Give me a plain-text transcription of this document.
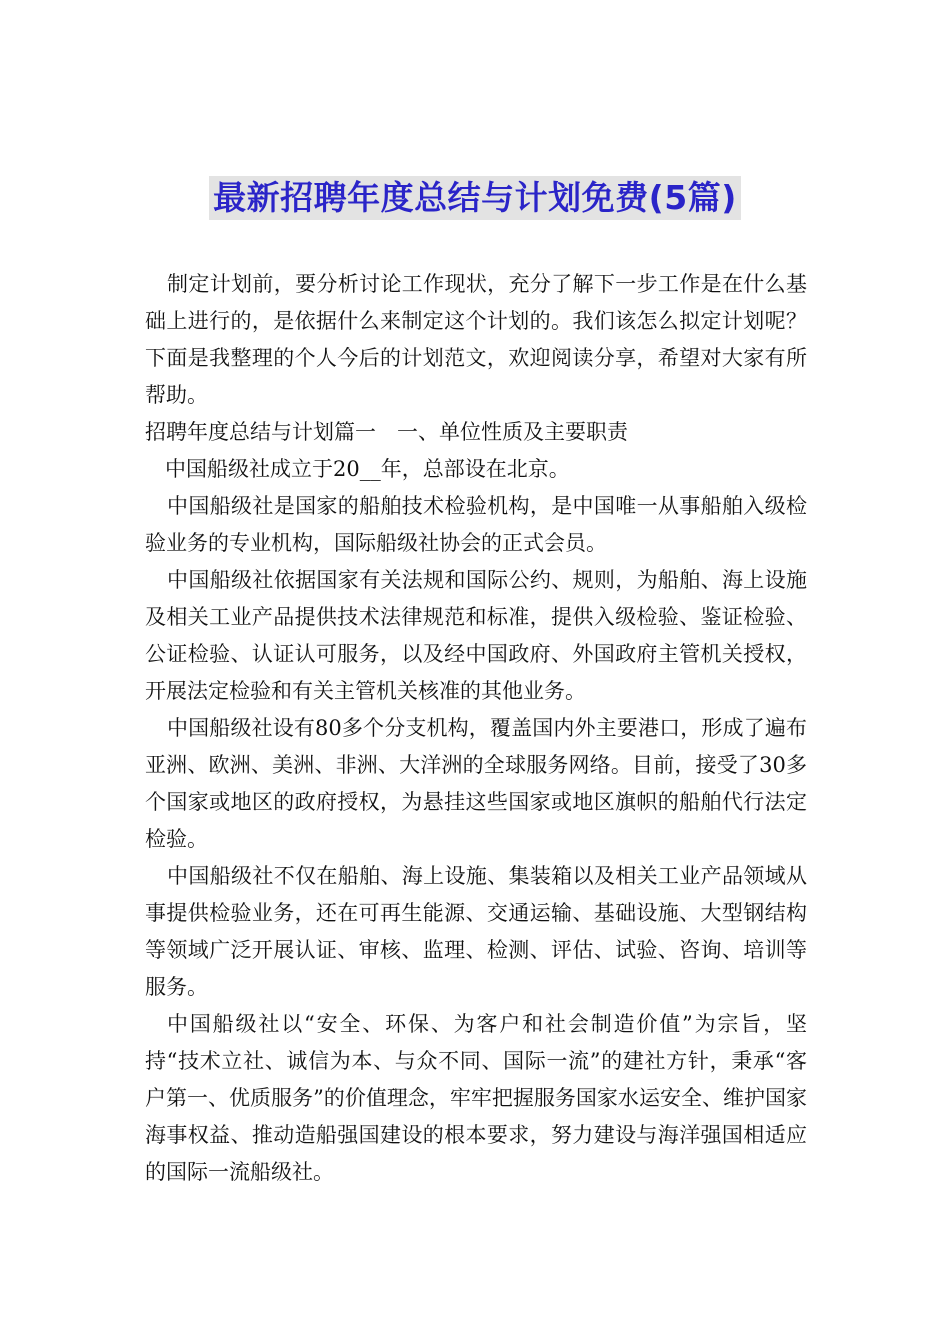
最新招聘年度总结与计划免费(5篇)

制定计划前，要分析讨论工作现状，充分了解下一步工作是在什么基础上进行的，是依据什么来制定这个计划的。我们该怎么拟定计划呢？下面是我整理的个人今后的计划范文，欢迎阅读分享，希望对大家有所帮助。

招聘年度总结与计划篇一　一、单位性质及主要职责

中国船级社成立于20__年，总部设在北京。

中国船级社是国家的船舶技术检验机构，是中国唯一从事船舶入级检验业务的专业机构，国际船级社协会的正式会员。

中国船级社依据国家有关法规和国际公约、规则，为船舶、海上设施及相关工业产品提供技术法律规范和标准，提供入级检验、鉴证检验、公证检验、认证认可服务，以及经中国政府、外国政府主管机关授权，开展法定检验和有关主管机关核准的其他业务。

中国船级社设有80多个分支机构，覆盖国内外主要港口，形成了遍布亚洲、欧洲、美洲、非洲、大洋洲的全球服务网络。目前，接受了30多个国家或地区的政府授权，为悬挂这些国家或地区旗帜的船舶代行法定检验。

中国船级社不仅在船舶、海上设施、集装箱以及相关工业产品领域从事提供检验业务，还在可再生能源、交通运输、基础设施、大型钢结构等领域广泛开展认证、审核、监理、检测、评估、试验、咨询、培训等服务。

中国船级社以“安全、环保、为客户和社会制造价值”为宗旨，坚持“技术立社、诚信为本、与众不同、国际一流”的建社方针，秉承“客户第一、优质服务”的价值理念，牢牢把握服务国家水运安全、维护国家海事权益、推动造船强国建设的根本要求，努力建设与海洋强国相适应的国际一流船级社。
